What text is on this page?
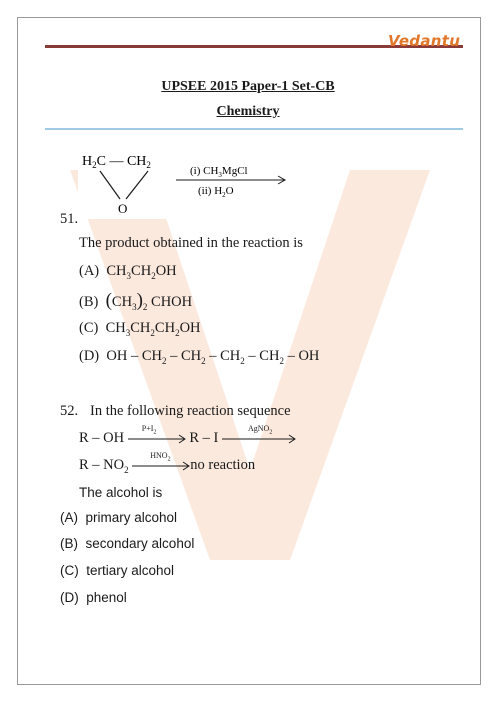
Vedantu
UPSEE 2015 Paper-1 Set-CB
Chemistry
$H_2C$ — $CH_2$
O
(i) $CH_3MgCl$
(ii) $H_2O$
51.
The product obtained in the reaction is
(A)  $CH_3CH_2OH$
(B) $(CH_3)_2$ CHOH
(C)  $CH_3CH_2CH_2OH$
(D)  OH – $CH_2 - CH_2 - CH_2 - CH_2$ – OH
52. In the following reaction sequence
R – OH
$P+I_2$ R – I
AgNO$_2$
R – $NO_2$
$HNO_2$ no reaction
The alcohol is
(A) primary alcohol
(B) secondary alcohol
(C) tertiary alcohol
(D) phenol
